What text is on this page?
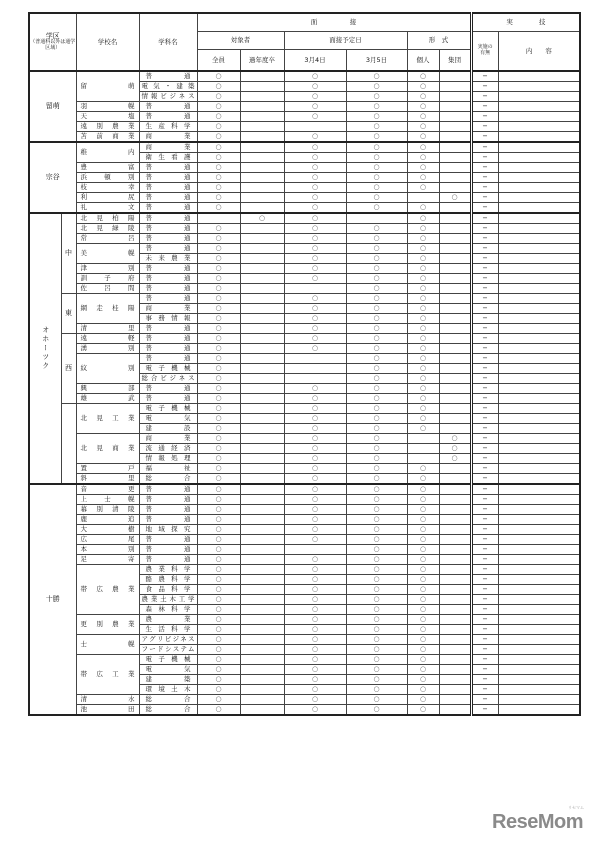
学区
（普通科以外は通学区域）		学校名	学科名	面　　　　　接						実　　　　技	
				対象者		面接予定日		形　式		実施の有無	内　　容
				全員	過年度卒	3月4日	3月5日	個人	集団		
留萌		留萌	普通	○		○	○	○		−	
			電気・建築	○		○	○	○		−	
			情報ビジネス	○		○	○	○		−	

		羽幌	普通	○		○	○	○		−	

		天塩	普通	○		○	○	○		−	

		遠別農業	生産科学	○			○	○		−	

		苫前商業	商業	○		○	○	○		−	
宗谷		稚内	商業	○		○	○	○		−	
			衛生看護	○		○	○	○		−	

		豊富	普通	○		○	○	○		−	

		浜頓別	普通	○		○	○	○		−	

		枝幸	普通	○		○	○	○		−	

		利尻	普通	○		○	○		○	−	

		礼文	普通	○		○	○	○		−	
オホーツク	中	北見柏陽	普通		○	○		○		−	

		北見緑陵	普通	○		○	○	○		−	

		常呂	普通	○		○	○	○		−	

		美幌	普通	○		○	○	○		−	
			未来農業	○		○	○	○		−	

		津別	普通	○		○	○	○		−	

		訓子府	普通	○		○	○	○		−	

		佐呂間	普通	○			○	○		−	
	東	網走桂陽	普通	○		○	○	○		−	
			商業	○		○	○	○		−	
			事務情報	○		○	○	○		−	

		清里	普通	○		○	○	○		−	
	西	遠軽	普通	○		○	○	○		−	

		湧別	普通	○		○	○	○		−	

		紋別	普通	○			○	○		−	
			電子機械	○			○	○		−	
			総合ビジネス	○			○	○		−	

		興部	普通	○		○	○	○		−	

		雄武	普通	○		○	○	○		−	

		北見工業	電子機械	○		○	○	○		−	
			電気	○		○	○	○		−	
			建設	○		○	○	○		−	

		北見商業	商業	○		○	○		○	−	
			流通経済	○		○	○		○	−	
			情報処理	○		○	○		○	−	

		置戸	福祉	○		○	○	○		−	

		斜里	総合	○		○	○	○		−	
十勝		音更	普通	○		○	○	○		−	

		上士幌	普通	○		○	○	○		−	

		幕別清陵	普通	○		○	○	○		−	

		鹿追	普通	○		○	○	○		−	

		大樹	地域探究	○		○	○	○		−	

		広尾	普通	○		○	○	○		−	

		本別	普通	○			○	○		−	

		足寄	普通	○		○	○	○		−	

		帯広農業	農業科学	○		○	○	○		−	
			酪農科学	○		○	○	○		−	
			食品科学	○		○	○	○		−	
			農業土木工学	○		○	○	○		−	
			森林科学	○		○	○	○		−	

		更別農業	農業	○		○	○	○		−	
			生活科学	○		○	○	○		−	

		士幌	アグリビジネス	○		○	○	○		−	
			フードシステム	○		○	○	○		−	

		帯広工業	電子機械	○		○	○	○		−	
			電気	○		○	○	○		−	
			建築	○		○	○	○		−	
			環境土木	○		○	○	○		−	

		清水	総合	○		○	○	○		−	

		池田	総合	○		○	○	○		−	
リセマム
ReseMom
